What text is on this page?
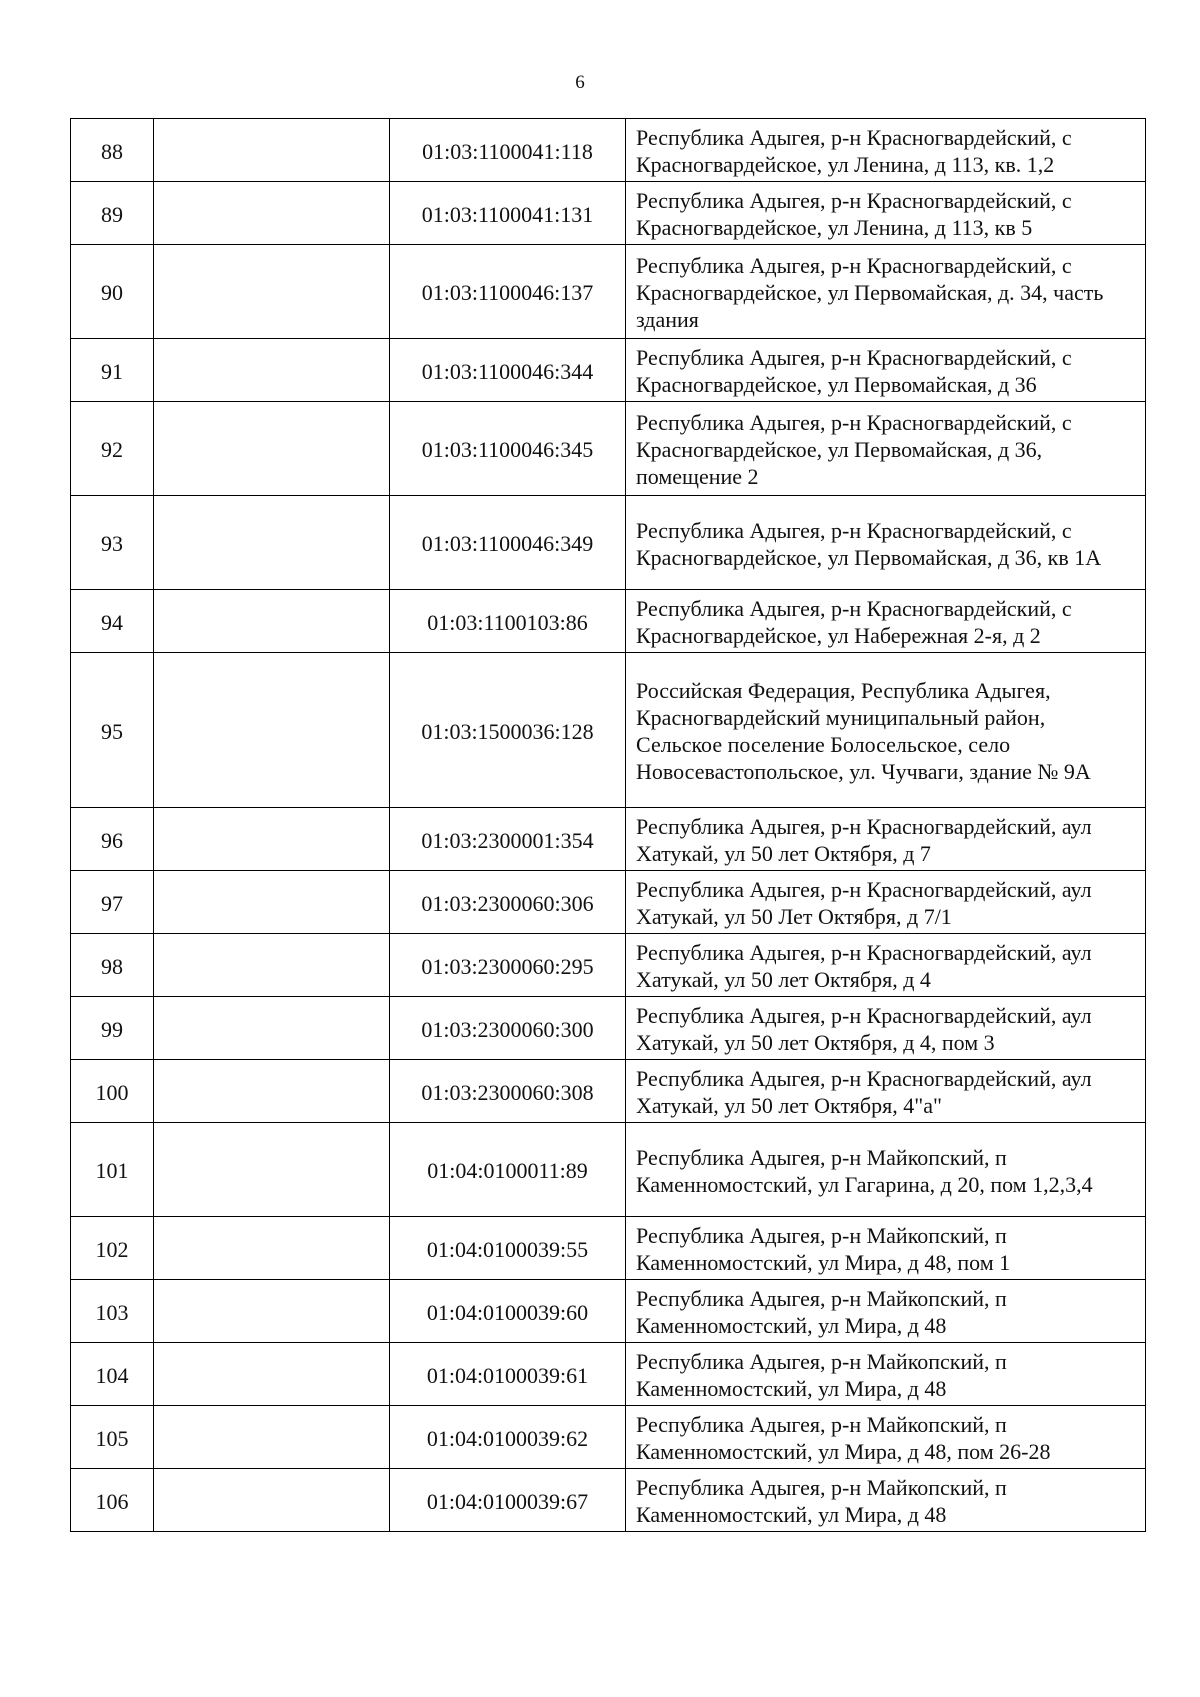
6
88		01:03:1100041:118	Республика Адыгея, р-н Красногвардейский, с Красногвардейское, ул Ленина, д 113, кв. 1,2
89		01:03:1100041:131	Республика Адыгея, р-н Красногвардейский, с Красногвардейское, ул Ленина, д 113, кв 5
90		01:03:1100046:137	Республика Адыгея, р-н Красногвардейский, с Красногвардейское, ул Первомайская, д. 34, часть здания
91		01:03:1100046:344	Республика Адыгея, р-н Красногвардейский, с Красногвардейское, ул Первомайская, д 36
92		01:03:1100046:345	Республика Адыгея, р-н Красногвардейский, с Красногвардейское, ул Первомайская, д 36, помещение 2
93		01:03:1100046:349	Республика Адыгея, р-н Красногвардейский, с Красногвардейское, ул Первомайская, д 36, кв 1А
94		01:03:1100103:86	Республика Адыгея, р-н Красногвардейский, с Красногвардейское, ул Набережная 2-я, д 2
95		01:03:1500036:128	Российская Федерация, Республика Адыгея, Красногвардейский муниципальный район, Сельское поселение Болосельское, село Новосевастопольское, ул. Чучваги, здание № 9А
96		01:03:2300001:354	Республика Адыгея, р-н Красногвардейский, аул Хатукай, ул 50 лет Октября, д 7
97		01:03:2300060:306	Республика Адыгея, р-н Красногвардейский, аул Хатукай, ул 50 Лет Октября, д 7/1
98		01:03:2300060:295	Республика Адыгея, р-н Красногвардейский, аул Хатукай, ул 50 лет Октября, д 4
99		01:03:2300060:300	Республика Адыгея, р-н Красногвардейский, аул Хатукай, ул 50 лет Октября, д 4, пом 3
100		01:03:2300060:308	Республика Адыгея, р-н Красногвардейский, аул Хатукай, ул 50 лет Октября, 4"а"
101		01:04:0100011:89	Республика Адыгея, р-н Майкопский, п Каменномостский, ул Гагарина, д 20, пом 1,2,3,4
102		01:04:0100039:55	Республика Адыгея, р-н Майкопский, п Каменномостский, ул Мира, д 48, пом 1
103		01:04:0100039:60	Республика Адыгея, р-н Майкопский, п Каменномостский, ул Мира, д 48
104		01:04:0100039:61	Республика Адыгея, р-н Майкопский, п Каменномостский, ул Мира, д 48
105		01:04:0100039:62	Республика Адыгея, р-н Майкопский, п Каменномостский, ул Мира, д 48, пом 26-28
106		01:04:0100039:67	Республика Адыгея, р-н Майкопский, п Каменномостский, ул Мира, д 48
